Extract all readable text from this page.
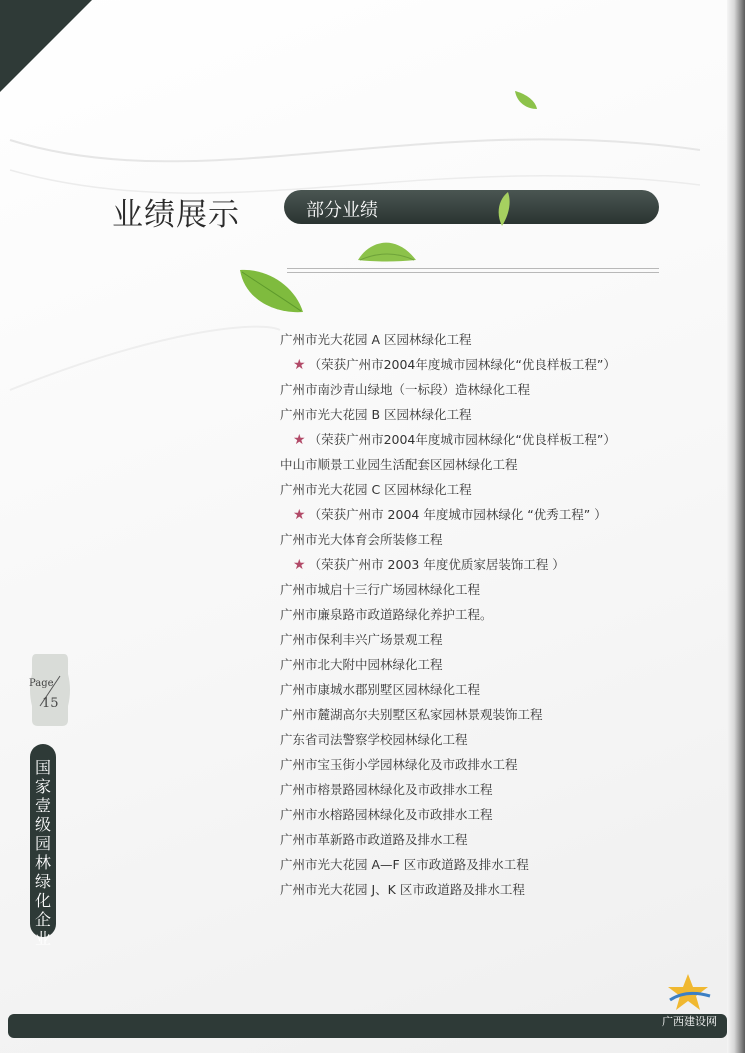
业绩展示	部分业绩
广州市光大花园 A 区园林绿化工程
★ （荣获广州市2004年度城市园林绿化“优良样板工程”）
广州市南沙青山绿地（一标段）造林绿化工程
广州市光大花园 B 区园林绿化工程
★ （荣获广州市2004年度城市园林绿化“优良样板工程”）
中山市顺景工业园生活配套区园林绿化工程
广州市光大花园 C 区园林绿化工程
★ （荣获广州市 2004 年度城市园林绿化 “优秀工程” ）
广州市光大体育会所装修工程
★ （荣获广州市 2003 年度优质家居装饰工程 ）
广州市城启十三行广场园林绿化工程
广州市廉泉路市政道路绿化养护工程。
广州市保利丰兴广场景观工程
广州市北大附中园林绿化工程
广州市康城水郡别墅区园林绿化工程
广州市麓湖高尔夫别墅区私家园林景观装饰工程
广东省司法警察学校园林绿化工程
广州市宝玉街小学园林绿化及市政排水工程
广州市榕景路园林绿化及市政排水工程
广州市水榕路园林绿化及市政排水工程
广州市革新路市政道路及排水工程
广州市光大花园 A—F 区市政道路及排水工程
广州市光大花园 J、K 区市政道路及排水工程
Page
15
国
家
壹
级
园
林
绿
化
企
业
广西建设网
